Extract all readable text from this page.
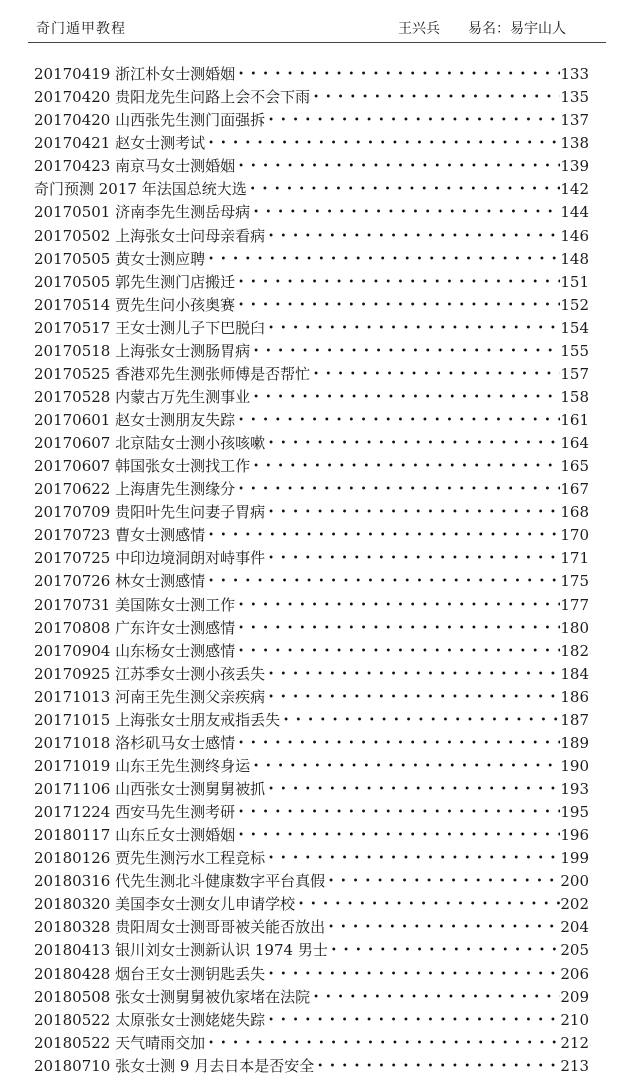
奇门遁甲教程	王兴兵 易名：易宇山人
20170419 浙江朴女士测婚姻 •  •	133
20170420 贵阳龙先生问路上会不会下雨 •  •	135
20170420 山西张先生测门面强拆 •  •	137
20170421 赵女士测考试 •  •	138
20170423 南京马女士测婚姻 •  •	139
奇门预测 2017 年法国总统大选 •  •	142
20170501 济南李先生测岳母病 •  •	144
20170502 上海张女士问母亲看病 •  •	146
20170505 黄女士测应聘 •  •	148
20170505 郭先生测门店搬迁 •  •	151
20170514 贾先生问小孩奥赛 •  •	152
20170517 王女士测儿子下巴脱臼 •  •	154
20170518 上海张女士测肠胃病 •  •	155
20170525 香港邓先生测张师傅是否帮忙 •  •	157
20170528 内蒙古万先生测事业 •  •	158
20170601 赵女士测朋友失踪 •  •	161
20170607 北京陆女士测小孩咳嗽 •  •	164
20170607 韩国张女士测找工作 •  •	165
20170622 上海唐先生测缘分 •  •	167
20170709 贵阳叶先生问妻子胃病 •  •	168
20170723 曹女士测感情 •  •	170
20170725 中印边境洞朗对峙事件 •  •	171
20170726 林女士测感情 •  •	175
20170731 美国陈女士测工作 •  •	177
20170808 广东许女士测感情 •  •	180
20170904 山东杨女士测感情 •  •	182
20170925 江苏季女士测小孩丢失 •  •	184
20171013 河南王先生测父亲疾病 •  •	186
20171015 上海张女士朋友戒指丢失 •  •	187
20171018 洛杉矶马女士感情 •  •	189
20171019 山东王先生测终身运 •  •	190
20171106 山西张女士测舅舅被抓 •  •	193
20171224 西安马先生测考研 •  •	195
20180117 山东丘女士测婚姻 •  •	196
20180126 贾先生测污水工程竞标 •  •	199
20180316 代先生测北斗健康数字平台真假 •  •	200
20180320 美国李女士测女儿申请学校 •  •	202
20180328 贵阳周女士测哥哥被关能否放出 •  •	204
20180413 银川刘女士测新认识 1974 男士 •  •	205
20180428 烟台王女士测钥匙丢失 •  •	206
20180508 张女士测舅舅被仇家堵在法院 •  •	209
20180522 太原张女士测姥姥失踪 •  •	210
20180522 天气晴雨交加 •  •	212
20180710 张女士测 9 月去日本是否安全 •  •	213
